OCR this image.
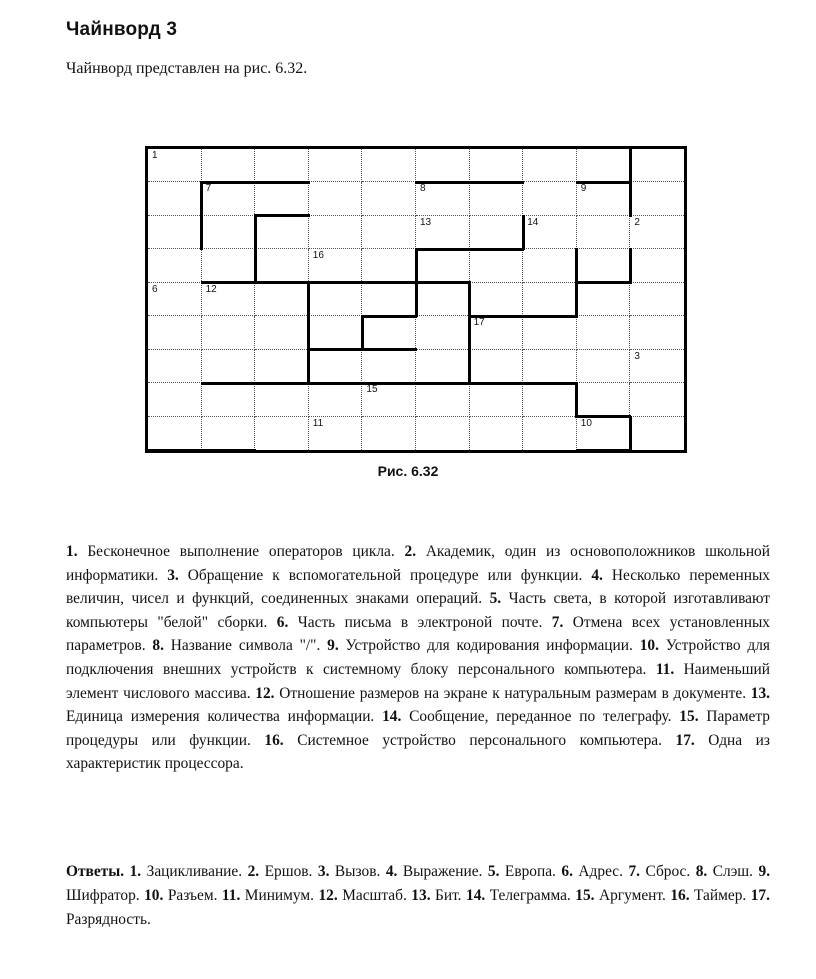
Чайнворд 3
Чайнворд представлен на рис. 6.32.
1
7	8	9
13	14	2
16
6	12
17
3
15
11	10
Рис. 6.32
1. Бесконечное выполнение операторов цикла. 2. Академик, один из основоположников школьной информатики. 3. Обращение к вспомогательной процедуре или функции. 4. Несколько переменных величин, чисел и функций, соединенных знаками операций. 5. Часть света, в которой изготавливают компьютеры "белой" сборки. 6. Часть письма в электроной почте. 7. Отмена всех установленных параметров. 8. Название символа "/". 9. Устройство для кодирования информации. 10. Устройство для подключения внешних устройств к системному блоку персонального компьютера. 11. Наименьший элемент числового массива. 12. Отношение размеров на экране к натуральным размерам в документе. 13. Единица измерения количества информации. 14. Сообщение, переданное по телеграфу. 15. Параметр процедуры или функции. 16. Системное устройство персонального компьютера. 17. Одна из характеристик процессора.
Ответы. 1. Зацикливание. 2. Ершов. 3. Вызов. 4. Выражение. 5. Европа. 6. Адрес. 7. Сброс. 8. Слэш. 9. Шифратор. 10. Разъем. 11. Минимум. 12. Масштаб. 13. Бит. 14. Телеграмма. 15. Аргумент. 16. Таймер. 17. Разрядность.
